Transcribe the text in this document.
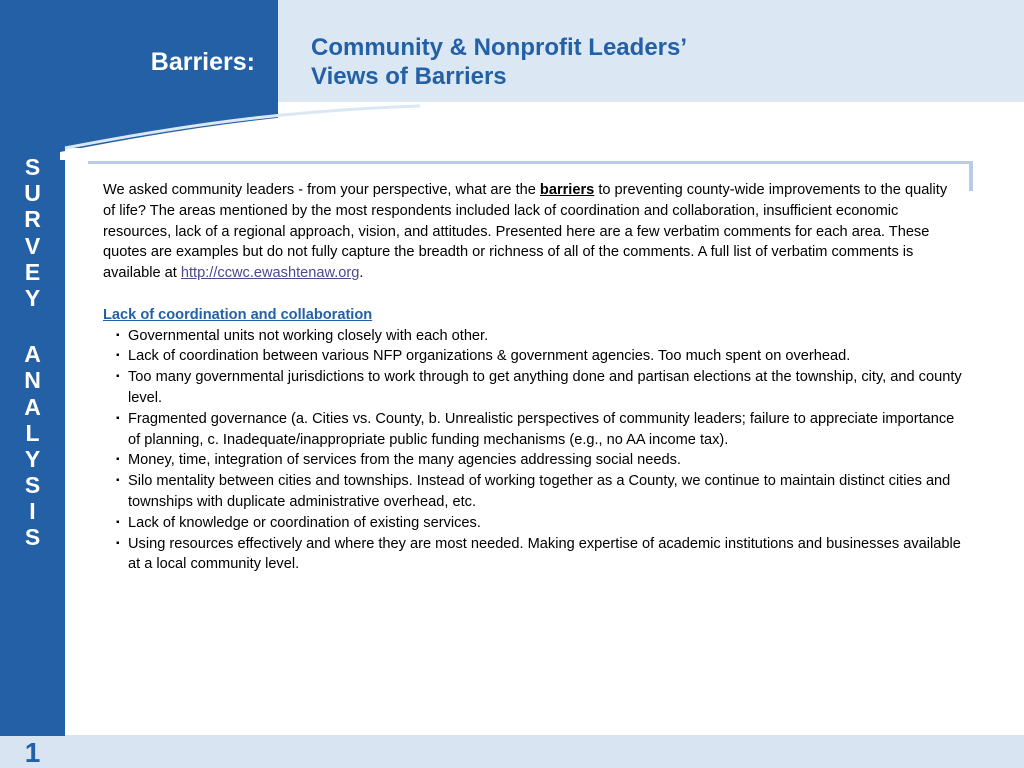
Barriers:
Community & Nonprofit Leaders’
Views of Barriers
S
U
R
V
E
Y
A
N
A
L
Y
S
I
S
1

We asked community leaders - from your perspective, what are the barriers to preventing county-wide improvements to the quality of life? The areas mentioned by the most respondents included lack of coordination and collaboration, insufficient economic resources, lack of a regional approach, vision, and attitudes. Presented here are a few verbatim comments for each area. These quotes are examples but do not fully capture the breadth or richness of all of the comments. A full list of verbatim comments is available at http://ccwc.ewashtenaw.org.

Lack of coordination and collaboration

▪ Governmental units not working closely with each other.
▪ Lack of coordination between various NFP organizations & government agencies. Too much spent on overhead.
▪ Too many governmental jurisdictions to work through to get anything done and partisan elections at the township, city, and county level.
▪ Fragmented governance (a. Cities vs. County, b. Unrealistic perspectives of community leaders; failure to appreciate importance of planning, c. Inadequate/inappropriate public funding mechanisms (e.g., no AA income tax).
▪ Money, time, integration of services from the many agencies addressing social needs.
▪ Silo mentality between cities and townships. Instead of working together as a County, we continue to maintain distinct cities and townships with duplicate administrative overhead, etc.
▪ Lack of knowledge or coordination of existing services.
▪ Using resources effectively and where they are most needed. Making expertise of academic institutions and businesses available at a local community level.
